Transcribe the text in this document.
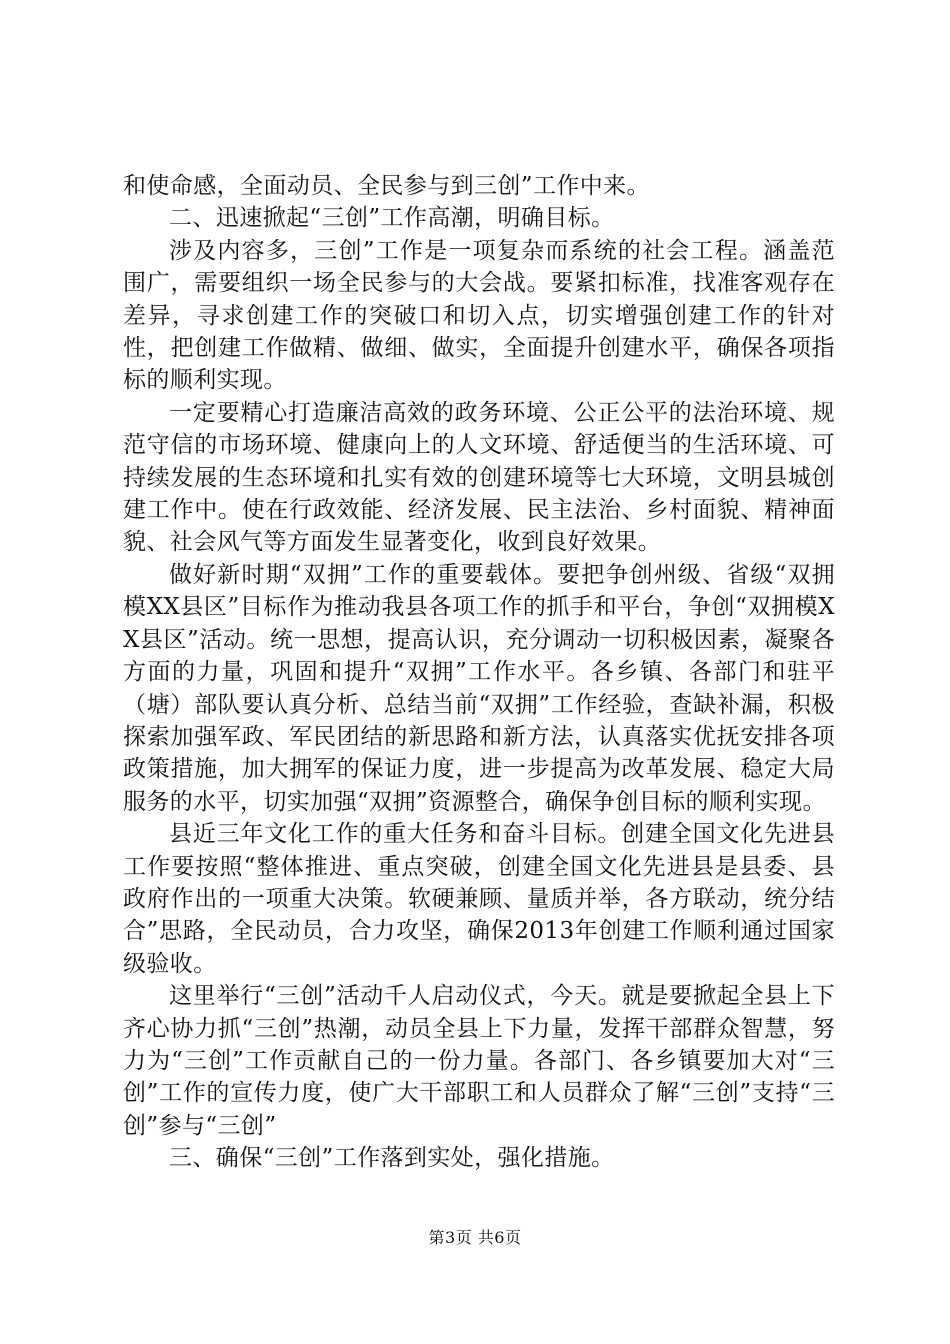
和使命感，全面动员、全民参与到三创”工作中来。

二、迅速掀起“三创”工作高潮，明确目标。

涉及内容多，三创”工作是一项复杂而系统的社会工程。涵盖范围广，需要组织一场全民参与的大会战。要紧扣标准，找准客观存在差异，寻求创建工作的突破口和切入点，切实增强创建工作的针对性，把创建工作做精、做细、做实，全面提升创建水平，确保各项指标的顺利实现。

一定要精心打造廉洁高效的政务环境、公正公平的法治环境、规范守信的市场环境、健康向上的人文环境、舒适便当的生活环境、可持续发展的生态环境和扎实有效的创建环境等七大环境，文明县城创建工作中。使在行政效能、经济发展、民主法治、乡村面貌、精神面貌、社会风气等方面发生显著变化，收到良好效果。

做好新时期“双拥”工作的重要载体。要把争创州级、省级“双拥模XX县区”目标作为推动我县各项工作的抓手和平台，争创“双拥模XX县区”活动。统一思想，提高认识，充分调动一切积极因素，凝聚各方面的力量，巩固和提升“双拥”工作水平。各乡镇、各部门和驻平（塘）部队要认真分析、总结当前“双拥”工作经验，查缺补漏，积极探索加强军政、军民团结的新思路和新方法，认真落实优抚安排各项政策措施，加大拥军的保证力度，进一步提高为改革发展、稳定大局服务的水平，切实加强“双拥”资源整合，确保争创目标的顺利实现。

县近三年文化工作的重大任务和奋斗目标。创建全国文化先进县工作要按照“整体推进、重点突破，创建全国文化先进县是县委、县政府作出的一项重大决策。软硬兼顾、量质并举，各方联动，统分结合”思路，全民动员，合力攻坚，确保2013年创建工作顺利通过国家级验收。

这里举行“三创”活动千人启动仪式，今天。就是要掀起全县上下齐心协力抓“三创”热潮，动员全县上下力量，发挥干部群众智慧，努力为“三创”工作贡献自己的一份力量。各部门、各乡镇要加大对“三创”工作的宣传力度，使广大干部职工和人员群众了解“三创”支持“三创”参与“三创”

三、确保“三创”工作落到实处，强化措施。

第3页 共6页
